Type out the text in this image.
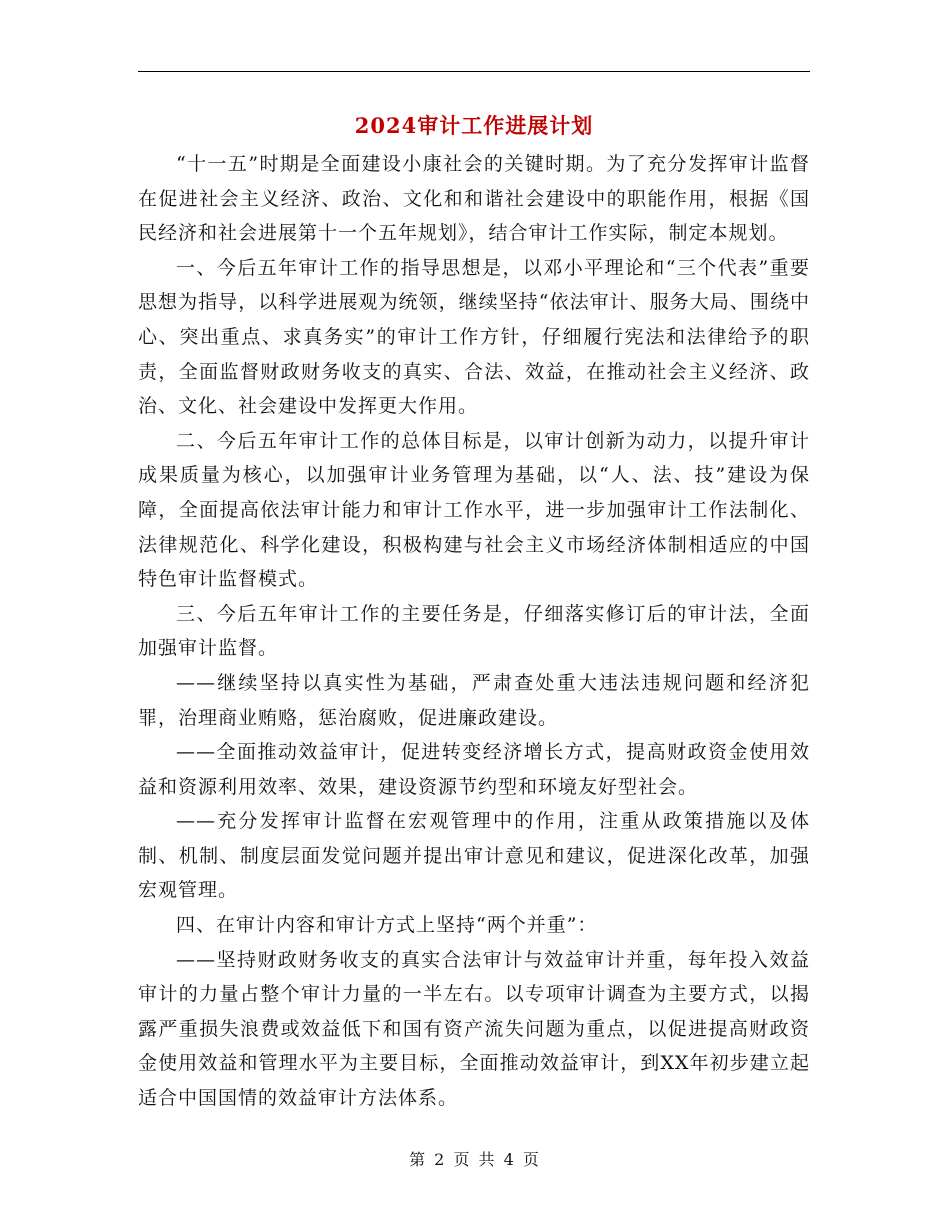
2024审计工作进展计划

“十一五”时期是全面建设小康社会的关键时期。为了充分发挥审计监督在促进社会主义经济、政治、文化和和谐社会建设中的职能作用，根据《国民经济和社会进展第十一个五年规划》，结合审计工作实际，制定本规划。

一、今后五年审计工作的指导思想是，以邓小平理论和“三个代表”重要思想为指导，以科学进展观为统领，继续坚持“依法审计、服务大局、围绕中心、突出重点、求真务实”的审计工作方针，仔细履行宪法和法律给予的职责，全面监督财政财务收支的真实、合法、效益，在推动社会主义经济、政治、文化、社会建设中发挥更大作用。

二、今后五年审计工作的总体目标是，以审计创新为动力，以提升审计成果质量为核心，以加强审计业务管理为基础，以“人、法、技”建设为保障，全面提高依法审计能力和审计工作水平，进一步加强审计工作法制化、法律规范化、科学化建设，积极构建与社会主义市场经济体制相适应的中国特色审计监督模式。

三、今后五年审计工作的主要任务是，仔细落实修订后的审计法，全面加强审计监督。

——继续坚持以真实性为基础，严肃查处重大违法违规问题和经济犯罪，治理商业贿赂，惩治腐败，促进廉政建设。

——全面推动效益审计，促进转变经济增长方式，提高财政资金使用效益和资源利用效率、效果，建设资源节约型和环境友好型社会。

——充分发挥审计监督在宏观管理中的作用，注重从政策措施以及体制、机制、制度层面发觉问题并提出审计意见和建议，促进深化改革，加强宏观管理。

四、在审计内容和审计方式上坚持“两个并重”：

——坚持财政财务收支的真实合法审计与效益审计并重，每年投入效益审计的力量占整个审计力量的一半左右。以专项审计调查为主要方式，以揭露严重损失浪费或效益低下和国有资产流失问题为重点，以促进提高财政资金使用效益和管理水平为主要目标，全面推动效益审计，到XX年初步建立起适合中国国情的效益审计方法体系。

第 2 页 共 4 页
